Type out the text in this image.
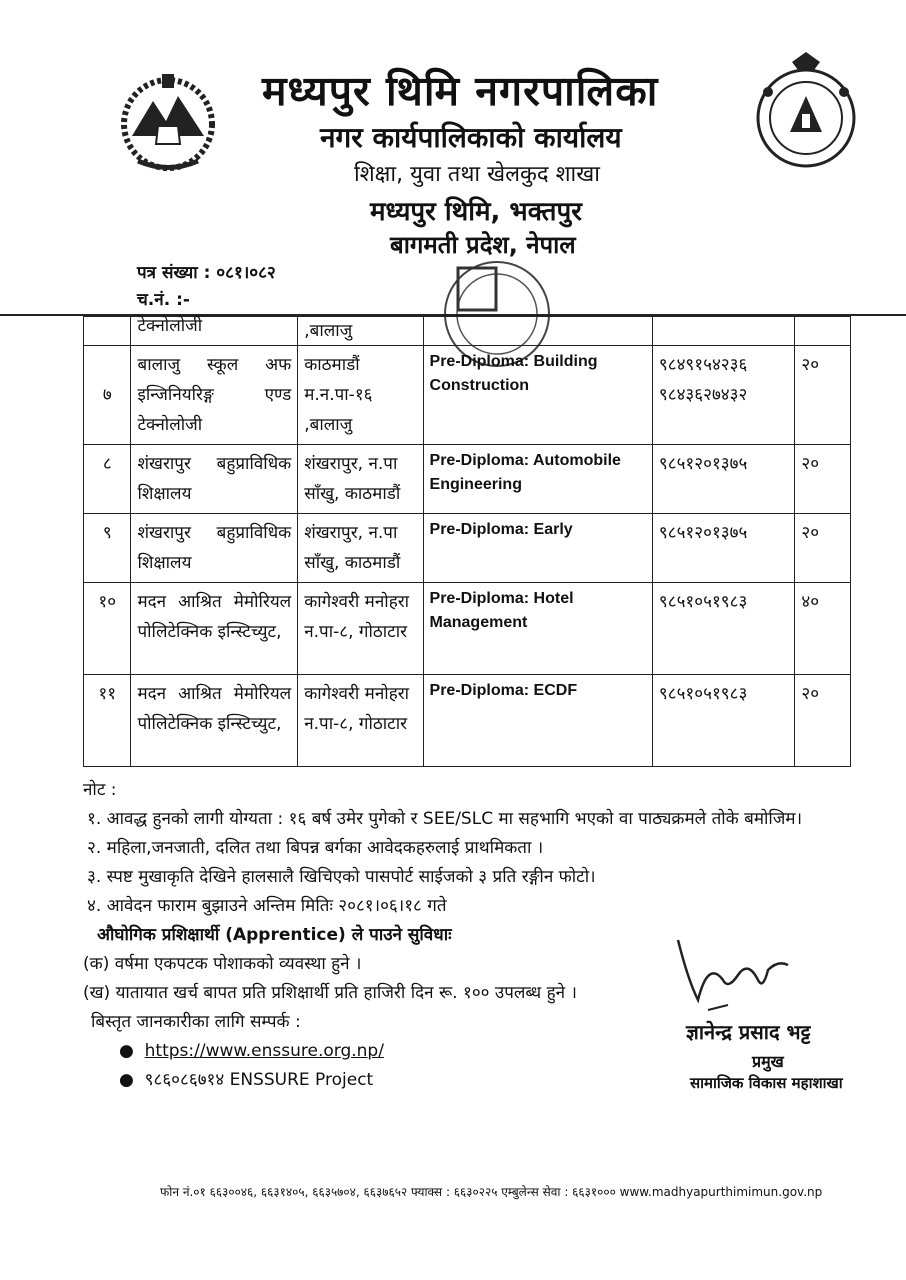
मध्यपुर थिमि नगरपालिका
नगर कार्यपालिकाको कार्यालय
शिक्षा, युवा तथा खेलकुद शाखा
मध्यपुर थिमि, भक्तपुर
बागमती प्रदेश, नेपाल
पत्र संख्या : ०८१।०८२
च.नं. :-
	टेक्नोलोजी	,बालाजु			
७	बालाजु स्कूल अफ इन्जिनियरिङ्ग एण्ड टेक्नोलोजी	काठमाडौं म.न.पा-१६ ,बालाजु	Pre-Diploma: Building Construction	९८४९१५४२३६ ९८४३६२७४३२	२०
८	शंखरापुर बहुप्राविधिक शिक्षालय	शंखरापुर, न.पा साँखु, काठमाडौं	Pre-Diploma: Automobile Engineering	९८५१२०१३७५	२०
९	शंखरापुर बहुप्राविधिक शिक्षालय	शंखरापुर, न.पा साँखु, काठमाडौं	Pre-Diploma: Early	९८५१२०१३७५	२०
१०	मदन आश्रित मेमोरियल पोलिटेक्निक इन्स्टिच्युट,	कागेश्वरी मनोहरा न.पा-८, गोठाटार	Pre-Diploma: Hotel Management	९८५१०५१९८३	४०
११	मदन आश्रित मेमोरियल पोलिटेक्निक इन्स्टिच्युट,	कागेश्वरी मनोहरा न.पा-८, गोठाटार	Pre-Diploma: ECDF	९८५१०५१९८३	२०
नोट :
१. आवद्ध हुनको लागी योग्यता : १६ बर्ष उमेर पुगेको र SEE/SLC मा सहभागि भएको वा पाठ्यक्रमले तोके बमोजिम।
२. महिला,जनजाती, दलित तथा बिपन्न बर्गका आवेदकहरुलाई प्राथमिकता ।
३. स्पष्ट मुखाकृति देखिने हालसालै खिचिएको पासपोर्ट साईजको ३ प्रति रङ्गीन फोटो।
४. आवेदन फाराम बुझाउने अन्तिम मितिः २०८१।०६।१८ गते
औघोगिक प्रशिक्षार्थी (Apprentice) ले पाउने सुविधाः
(क) वर्षमा एकपटक पोशाकको व्यवस्था हुने ।
(ख) यातायात खर्च बापत प्रति प्रशिक्षार्थी प्रति हाजिरी दिन रू. १०० उपलब्ध हुने ।
बिस्तृत जानकारीका लागि सम्पर्क :
●  https://www.enssure.org.np/
●  ९८६०८६७१४ ENSSURE Project
ज्ञानेन्द्र प्रसाद भट्ट
प्रमुख
सामाजिक विकास महाशाखा
फोन नं.०१ ६६३००४६, ६६३१४०५, ६६३५७०४, ६६३७६५२ फ्याक्स : ६६३०२२५ एम्बुलेन्स सेवा : ६६३१००० www.madhyapurthimimun.gov.np
